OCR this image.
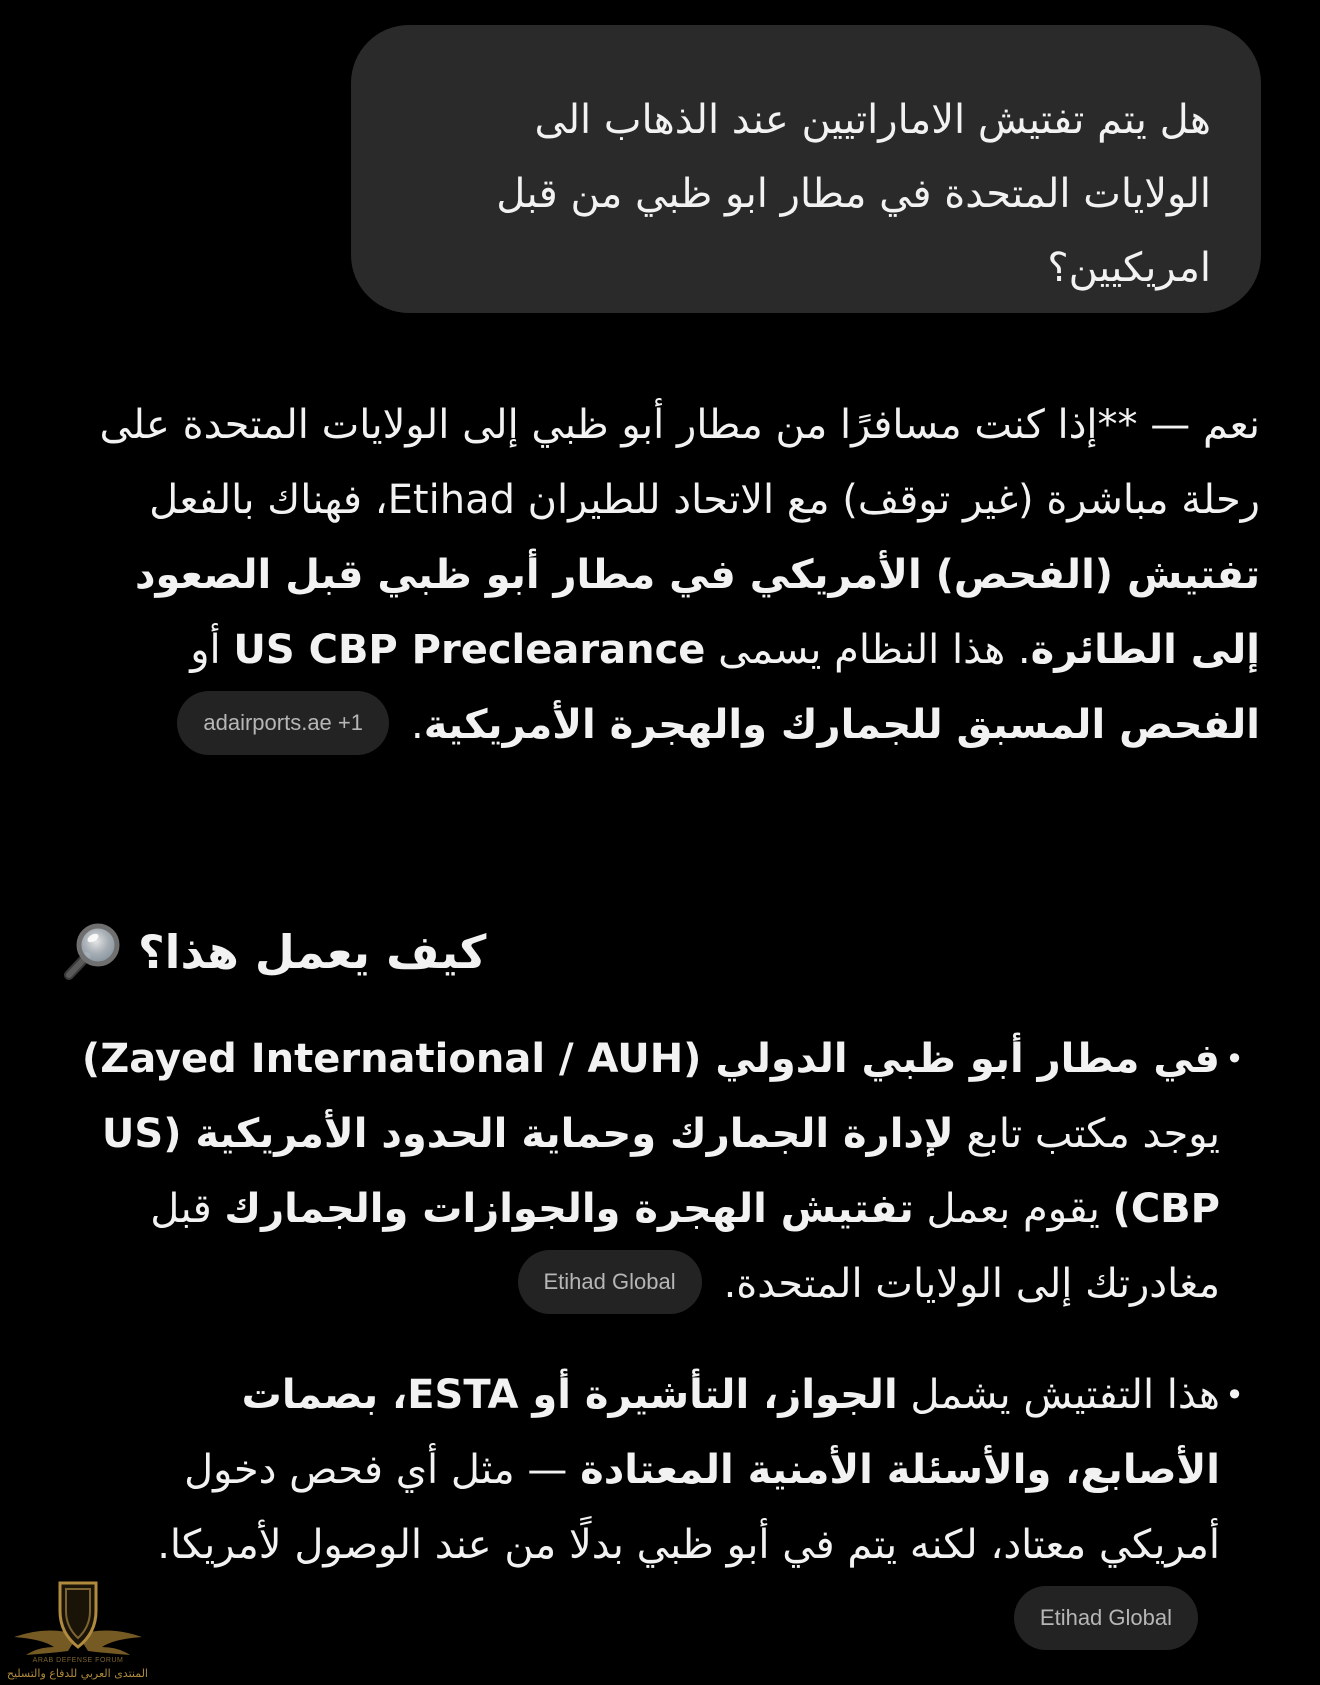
هل يتم تفتيش الاماراتيين عند الذهاب الى الولايات المتحدة في مطار ابو ظبي من قبل امريكيين؟
نعم — **إذا كنت مسافرًا من مطار أبو ظبي إلى الولايات المتحدة على رحلة مباشرة (غير توقف) مع الاتحاد للطيران Etihad، فهناك بالفعل تفتيش (الفحص) الأمريكي في مطار أبو ظبي قبل الصعود إلى الطائرة. هذا النظام يسمى US CBP Preclearance أو الفحص المسبق للجمارك والهجرة الأمريكية.adairports.ae +1
كيف يعمل هذا؟
•
في مطار أبو ظبي الدولي (Zayed International / AUH) يوجد مكتب تابع لإدارة الجمارك وحماية الحدود الأمريكية (US CBP) يقوم بعمل تفتيش الهجرة والجوازات والجمارك قبل مغادرتك إلى الولايات المتحدة.Etihad Global
•
هذا التفتيش يشمل الجواز، التأشيرة أو ESTA، بصمات الأصابع، والأسئلة الأمنية المعتادة — مثل أي فحص دخول أمريكي معتاد، لكنه يتم في أبو ظبي بدلًا من عند الوصول لأمريكا.Etihad Global
ARAB DEFENSE FORUM
المنتدى العربي للدفاع والتسليح
